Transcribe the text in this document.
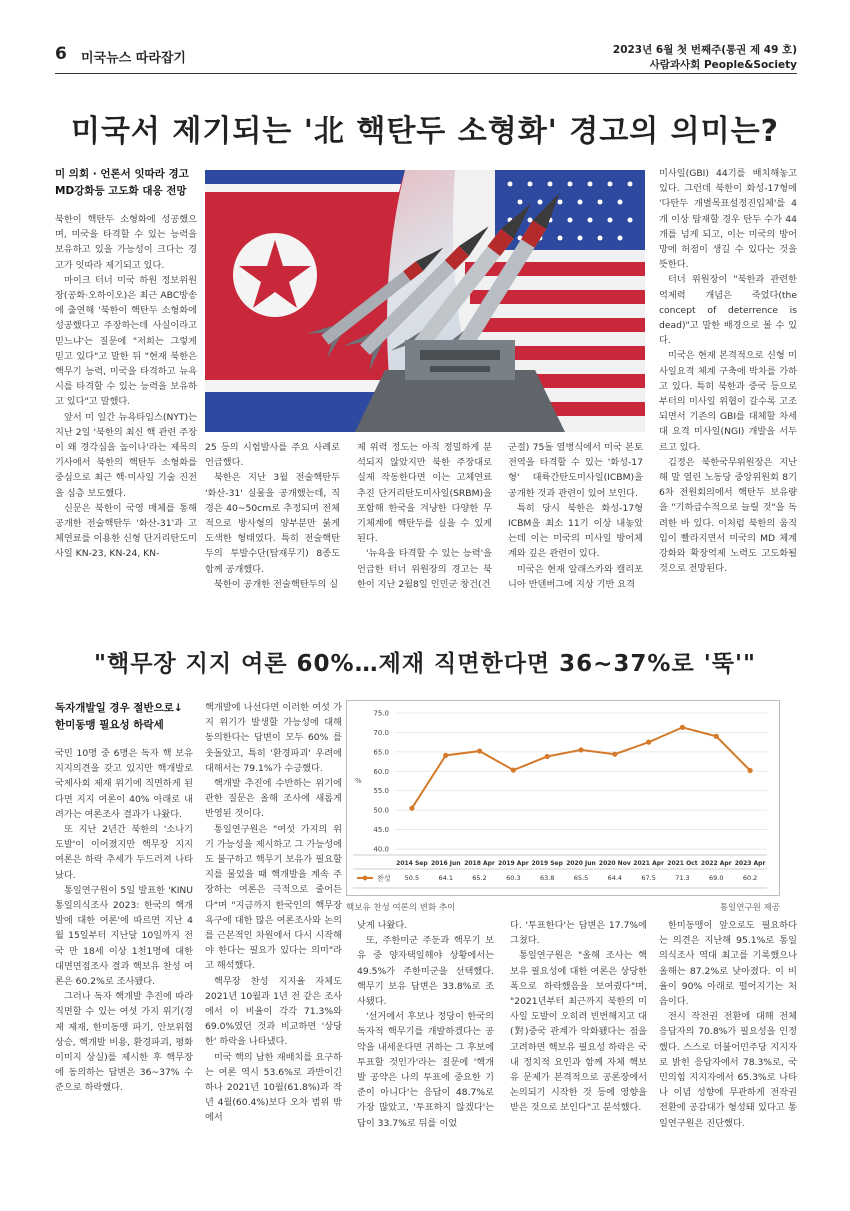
6 미국뉴스 따라잡기
2023년 6월 첫 번째주(통권 제 49 호)
사람과사회 People&Society
미국서 제기되는 '北 핵탄두 소형화' 경고의 의미는?
미 의회 · 언론서 잇따라 경고
MD강화등 고도화 대응 전망

북한이 핵탄두 소형화에 성공했으며, 미국을 타격할 수 있는 능력을 보유하고 있을 가능성이 크다는 경고가 잇따라 제기되고 있다.

마이크 터너 미국 하원 정보위원장(공화·오하이오)은 최근 ABC방송에 출연해 '북한이 핵탄두 소형화에 성공했다고 주장하는데 사실이라고 믿느냐'는 질문에 "저희는 그렇게 믿고 있다"고 말한 뒤 "현재 북한은 핵무기 능력, 미국을 타격하고 뉴욕시를 타격할 수 있는 능력을 보유하고 있다"고 말했다.

앞서 미 일간 뉴욕타임스(NYT)는 지난 2일 '북한의 최신 핵 관련 주장이 왜 경각심을 높이나'라는 제목의 기사에서 북한의 핵탄두 소형화를 중심으로 최근 핵·미사일 기술 진전을 심층 보도했다.

신문은 북한이 국영 매체를 통해 공개한 전술핵탄두 '화산-31'과 고체연료를 이용한 신형 단거리탄도미사일 KN-23, KN-24, KN-

25 등의 시험발사를 주요 사례로 언급했다.

북한은 지난 3월 전술핵탄두 '화산-31' 실물을 공개했는데, 직경은 40~50cm로 추정되며 전체적으로 방사형의 양부분만 붉게 도색한 형태였다. 특히 전술핵탄두의 투발수단(탑재무기) 8종도 함께 공개했다.

북한이 공개한 전술핵탄두의 실

제 위력 정도는 아직 정밀하게 분석되지 않았지만 북한 주장대로 실제 작동한다면 이는 고체연료 추진 단거리탄도미사일(SRBM)을 포함해 한국을 겨냥한 다양한 무기체계에 핵탄두를 실을 수 있게 된다.

'뉴욕을 타격할 수 있는 능력'을 언급한 터너 위원장의 경고는 북한이 지난 2월8일 인민군 창건(건

군절) 75돌 열병식에서 미국 본토 전역을 타격할 수 있는 '화성-17형' 대륙간탄도미사일(ICBM)을 공개한 것과 관련이 있어 보인다.

특히 당시 북한은 화성-17형 ICBM을 최소 11기 이상 내놓았는데 이는 미국의 미사일 방어체계와 깊은 관련이 있다.

미국은 현재 알래스카와 캘리포니아 반덴버그에 지상 기반 요격

미사일(GBI) 44기를 배치해놓고 있다. 그런데 북한이 화성-17형에 '다탄두 개별목표설정진입체'를 4개 이상 탑재할 경우 탄두 수가 44개를 넘게 되고, 이는 미국의 방어망에 허점이 생길 수 있다는 것을 뜻한다.

터너 위원장이 "북한과 관련한 억제력 개념은 죽었다(the concept of deterrence is dead)"고 말한 배경으로 볼 수 있다.

미국은 현재 본격적으로 신형 미사일요격 체계 구축에 박차를 가하고 있다. 특히 북한과 중국 등으로부터의 미사일 위협이 갈수록 고조되면서 기존의 GBI를 대체할 차세대 요격 미사일(NGI) 개발을 서두르고 있다.

김정은 북한국무위원장은 지난해 말 열린 노동당 중앙위원회 8기 6차 전원회의에서 핵탄두 보유량을 "기하급수적으로 늘릴 것"을 독려한 바 있다. 이처럼 북한의 움직임이 빨라지면서 미국의 MD 체계 강화와 확장억제 노력도 고도화될 것으로 전망된다.

"핵무장 지지 여론 60%…제재 직면한다면 36~37%로 '뚝'"
독자개발일 경우 절반으로↓
한미동맹 필요성 하락세

국민 10명 중 6명은 독자 핵 보유 지지의견을 갖고 있지만 핵개발로 국제사회 제재 위기에 직면하게 된다면 지지 여론이 40% 아래로 내려가는 여론조사 결과가 나왔다.

또 지난 2년간 북한의 '소나기 도발'이 이어졌지만 핵무장 지지 여론은 하락 추세가 두드러져 나타났다.

통일연구원이 5일 발표한 'KINU 통일의식조사 2023: 한국의 핵개발에 대한 여론'에 따르면 지난 4월 15일부터 지난달 10일까지 전국 만 18세 이상 1천1명에 대한 대면면접조사 결과 핵보유 찬성 여론은 60.2%로 조사됐다.

그러나 독자 핵개발 추진에 따라 직면할 수 있는 여섯 가지 위기(경제 제재, 한미동맹 파기, 안보위협 상승, 핵개발 비용, 환경파괴, 평화 이미지 상실)를 제시한 후 핵무장에 동의하는 답변은 36~37% 수준으로 하락했다.

핵개발에 나선다면 이러한 여섯 가지 위기가 발생할 가능성에 대해 동의한다는 답변이 모두 60% 를 웃돌았고, 특히 '환경파괴' 우려에 대해서는 79.1%가 수긍했다.

핵개발 추진에 수반하는 위기에 관한 질문은 올해 조사에 새롭게 반영된 것이다.

통일연구원은 "여섯 가지의 위기 가능성을 제시하고 그 가능성에도 불구하고 핵무기 보유가 필요할지를 물었을 때 핵개발을 계속 주장하는 여론은 극적으로 줄어든다"며 "지금까지 한국인의 핵무장 욕구에 대한 많은 여론조사와 논의를 근본적인 차원에서 다시 시작해야 한다는 필요가 있다는 의미"라고 해석했다.

핵무장 찬성 지지율 자체도 2021년 10월과 1년 전 같은 조사에서 이 비율이 각각 71.3%와 69.0%였던 것과 비교하면 '상당한' 하락을 나타냈다.

미국 핵의 남한 재배치를 요구하는 여론 역시 53.6%로 과반이긴 하나 2021년 10월(61.8%)과 작년 4월(60.4%)보다 오차 범위 밖에서

40.0
45.0
50.0
55.0
60.0
65.0
70.0
75.0
%
2014 Sep
50.5
2016 Jun
64.1
2018 Apr
65.2
2019 Apr
60.3
2019 Sep
63.8
2020 Jun
65.5
2020 Nov
64.4
2021 Apr
67.5
2021 Oct
71.3
2022 Apr
69.0
2023 Apr
60.2
찬성
핵보유 찬성 여론의 변화 추이	통일연구원 제공

낮게 나왔다.

또, 주한미군 주둔과 핵무기 보유 중 양자택일해야 상황에서는 49.5%가 주한미군을 선택했다. 핵무기 보유 답변은 33.8%로 조사됐다.

'선거에서 후보나 정당이 한국의 독자적 핵무기를 개발하겠다는 공약을 내세운다면 귀하는 그 후보에 투표할 것인가'라는 질문에 '핵개발 공약은 나의 투표에 중요한 기준이 아니다'는 응답이 48.7%로 가장 많았고, '투표하지 않겠다'는 답이 33.7%로 뒤를 이었

다. '투표한다'는 답변은 17.7%에 그쳤다.

통일연구원은 "올해 조사는 핵보유 필요성에 대한 여론은 상당한 폭으로 하락했음을 보여줬다"며, "2021년부터 최근까지 북한의 미사일 도발이 오히려 빈번해지고 대(對)중국 관계가 악화됐다는 점을 고려하면 핵보유 필요성 하락은 국내 정치적 요인과 함께 자체 핵보유 문제가 본격적으로 공론장에서 논의되기 시작한 것 등에 영향을 받은 것으로 보인다"고 분석했다.

한미동맹이 앞으로도 필요하다는 의견은 지난해 95.1%로 통일의식조사 역대 최고를 기록했으나 올해는 87.2%로 낮아졌다. 이 비율이 90% 아래로 떨어지기는 처음이다.

전시 작전권 전환에 대해 전체 응답자의 70.8%가 필요성을 인정했다. 스스로 더불어민주당 지지자로 밝힌 응답자에서 78.3%로, 국민의힘 지지자에서 65.3%로 나타나 이념 성향에 무관하게 전작권 전환에 공감대가 형성돼 있다고 통일연구원은 진단했다.
